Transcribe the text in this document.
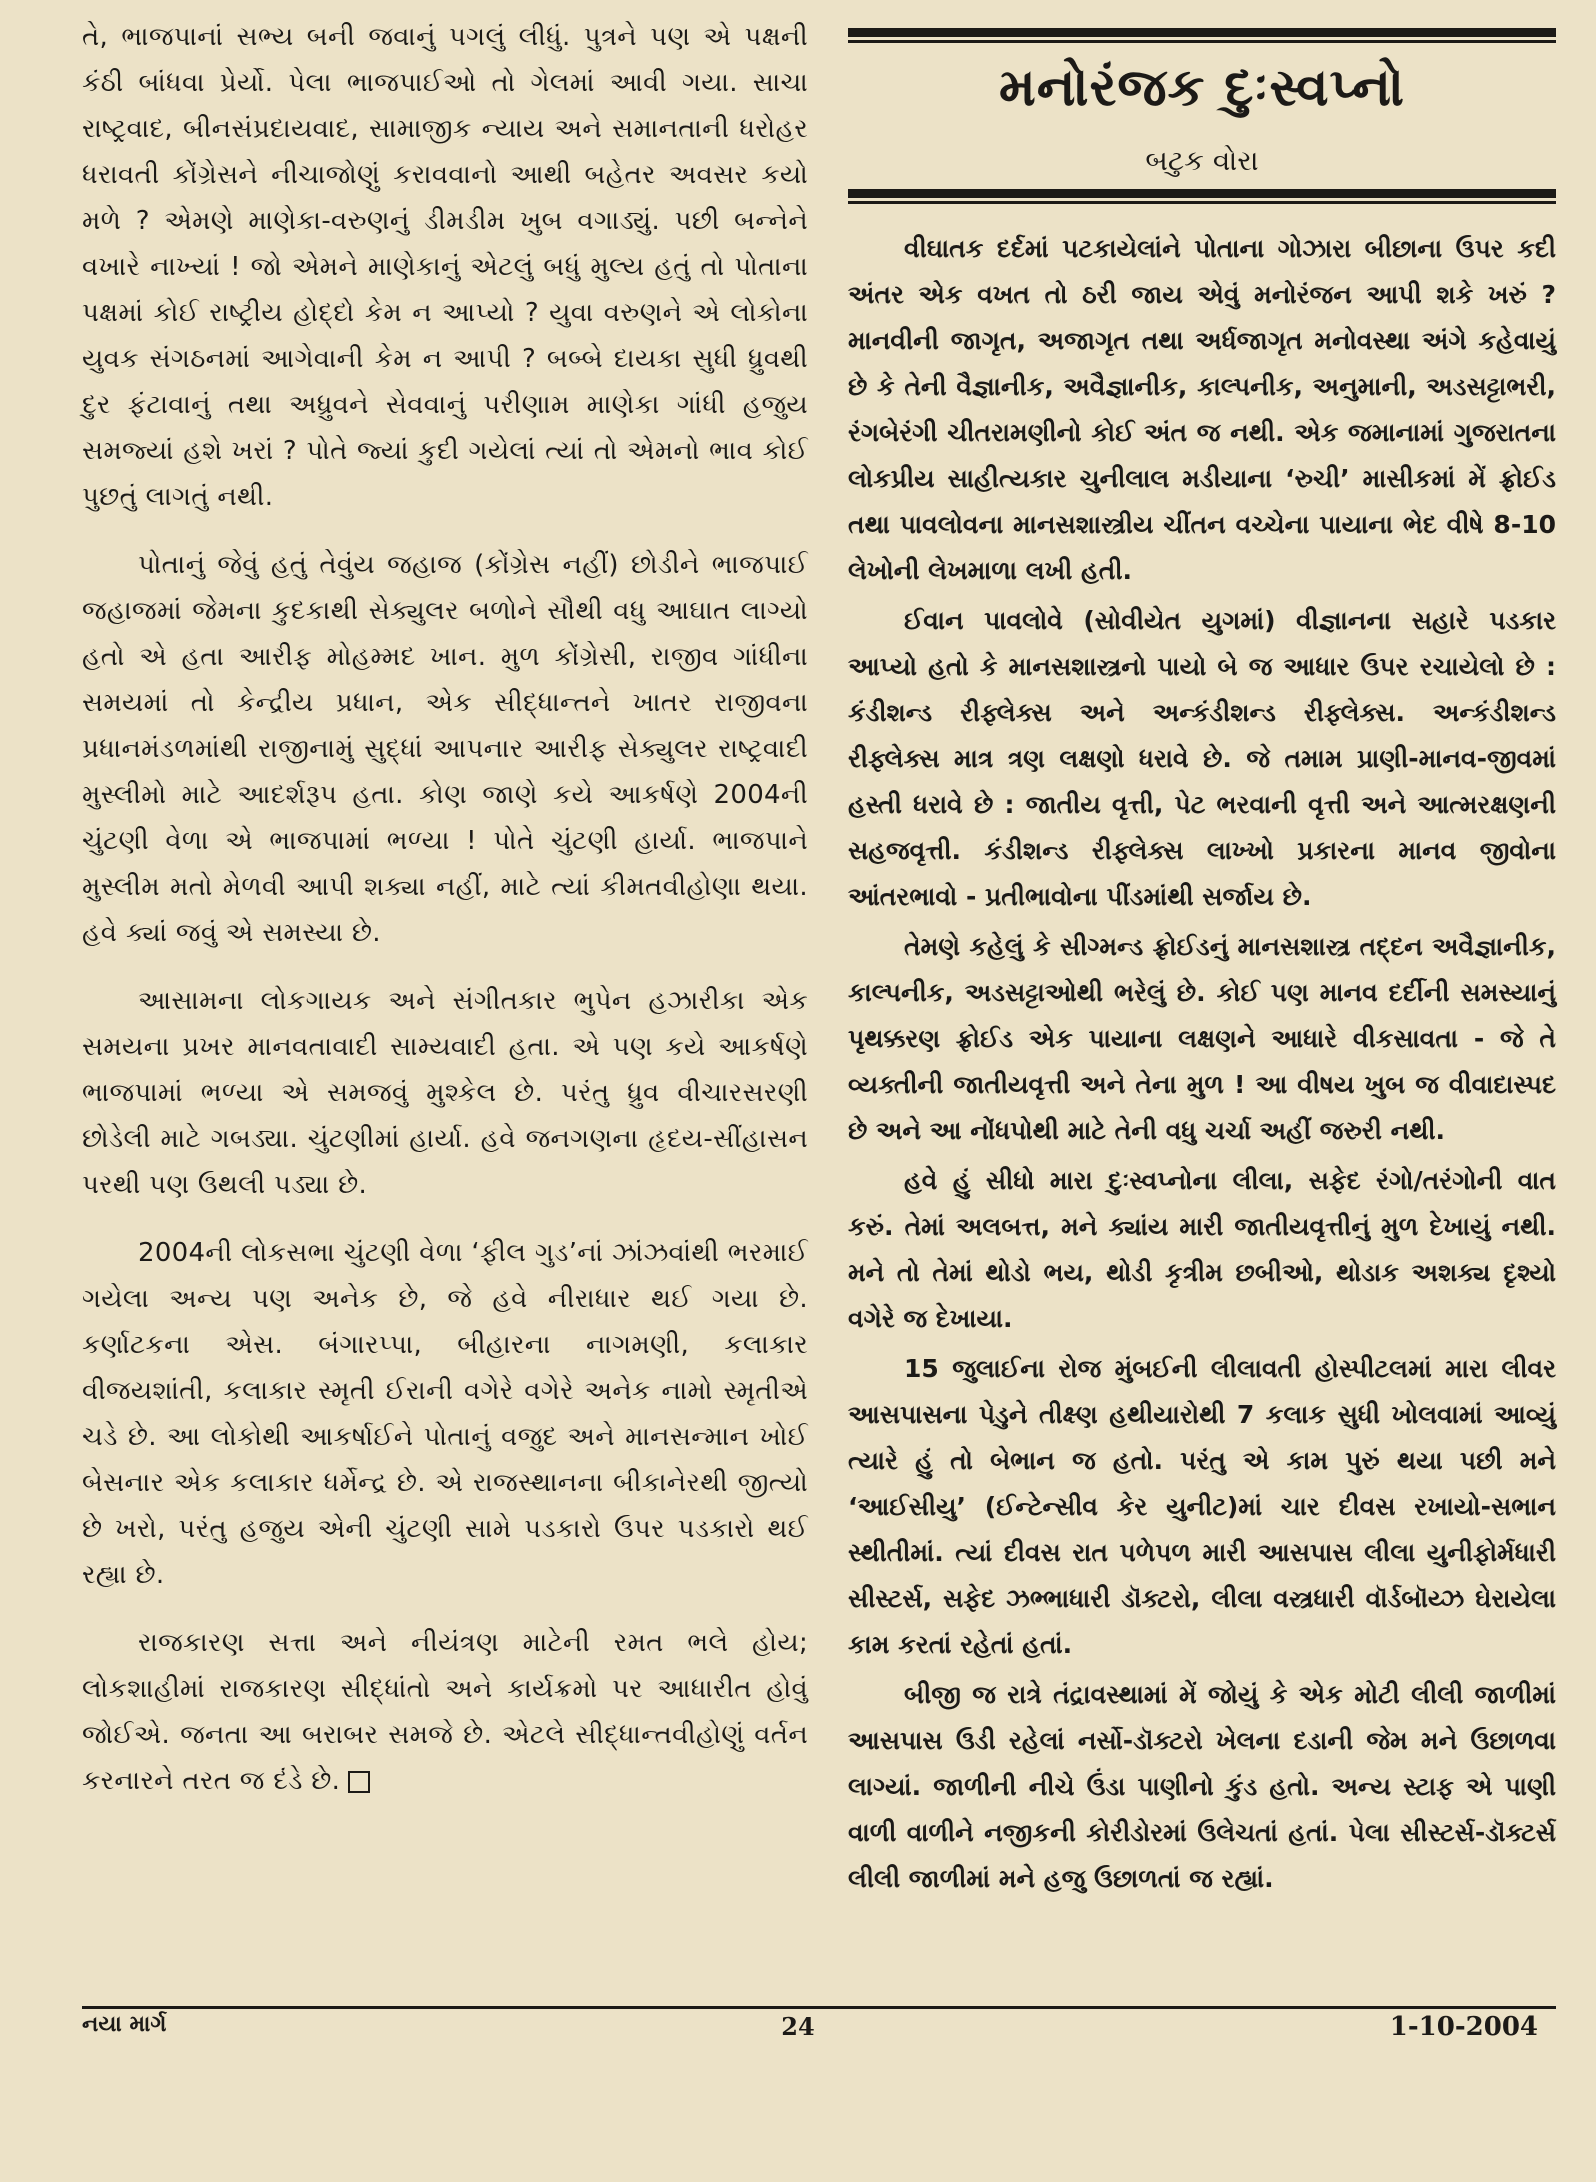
તે, ભાજપાનાં સભ્ય બની જવાનું પગલું લીધું. પુત્રને પણ એ પક્ષની કંઠી બાંધવા પ્રેર્યો. પેલા ભાજપાઈઓ તો ગેલમાં આવી ગયા. સાચા રાષ્ટ્રવાદ, બીનસંપ્રદાયવાદ, સામાજીક ન્યાય અને સમાનતાની ધરોહર ધરાવતી કોંગ્રેસને નીચાજોણું કરાવવાનો આથી બહેતર અવસર કયો મળે ? એમણે માણેકા-વરુણનું ડીમડીમ ખુબ વગાડ્યું. પછી બન્નેને વખારે નાખ્યાં ! જો એમને માણેકાનું એટલું બધું મુલ્ય હતું તો પોતાના પક્ષમાં કોઈ રાષ્ટ્રીય હોદ્દો કેમ ન આપ્યો ? યુવા વરુણને એ લોકોના યુવક સંગઠનમાં આગેવાની કેમ ન આપી ? બબ્બે દાયકા સુધી ધ્રુવથી દુર ફંટાવાનું તથા અધ્રુવને સેવવાનું પરીણામ માણેકા ગાંધી હજુય સમજ્યાં હશે ખરાં ? પોતે જ્યાં કુદી ગયેલાં ત્યાં તો એમનો ભાવ કોઈ પુછતું લાગતું નથી.

પોતાનું જેવું હતું તેવુંય જહાજ (કોંગ્રેસ નહીં) છોડીને ભાજપાઈ જહાજમાં જેમના કુદકાથી સેક્યુલર બળોને સૌથી વધુ આઘાત લાગ્યો હતો એ હતા આરીફ મોહમ્મદ ખાન. મુળ કોંગ્રેસી, રાજીવ ગાંધીના સમયમાં તો કેન્દ્રીય પ્રધાન, એક સીદ્ધાન્તને ખાતર રાજીવના પ્રધાનમંડળમાંથી રાજીનામું સુદ્ધાં આપનાર આરીફ સેક્યુલર રાષ્ટ્રવાદી મુસ્લીમો માટે આદર્શરૂપ હતા. કોણ જાણે કયે આકર્ષણે 2004ની ચુંટણી વેળા એ ભાજપામાં ભળ્યા ! પોતે ચુંટણી હાર્યા. ભાજપાને મુસ્લીમ મતો મેળવી આપી શક્યા નહીં, માટે ત્યાં કીમતવીહોણા થયા. હવે ક્યાં જવું એ સમસ્યા છે.

આસામના લોકગાયક અને સંગીતકાર ભુપેન હઝારીકા એક સમયના પ્રખર માનવતાવાદી સામ્યવાદી હતા. એ પણ કયે આકર્ષણે ભાજપામાં ભળ્યા એ સમજવું મુશ્કેલ છે. પરંતુ ધ્રુવ વીચારસરણી છોડેલી માટે ગબડ્યા. ચુંટણીમાં હાર્યા. હવે જનગણના હૃદય-સીંહાસન પરથી પણ ઉથલી પડ્યા છે.

2004ની લોકસભા ચુંટણી વેળા ‘ફીલ ગુડ’નાં ઝાંઝવાંથી ભરમાઈ ગયેલા અન્ય પણ અનેક છે, જે હવે નીરાધાર થઈ ગયા છે. કર્ણાટકના એસ. બંગારપ્પા, બીહારના નાગમણી, કલાકાર વીજયશાંતી, કલાકાર સ્મૃતી ઈરાની વગેરે વગેરે અનેક નામો સ્મૃતીએ ચડે છે. આ લોકોથી આકર્ષાઈને પોતાનું વજુદ અને માનસન્માન ખોઈ બેસનાર એક કલાકાર ધર્મેન્દ્ર છે. એ રાજસ્થાનના બીકાનેરથી જીત્યો છે ખરો, પરંતુ હજુય એની ચુંટણી સામે પડકારો ઉપર પડકારો થઈ રહ્યા છે.

રાજકારણ સત્તા અને નીયંત્રણ માટેની રમત ભલે હોય; લોકશાહીમાં રાજકારણ સીદ્ધાંતો અને કાર્યક્રમો પર આધારીત હોવું જોઈએ. જનતા આ બરાબર સમજે છે. એટલે સીદ્ધાન્તવીહોણું વર્તન કરનારને તરત જ દંડે છે.

મનોરંજક દુઃસ્વપ્નો

બટુક વોરા

વીઘાતક દર્દમાં પટકાયેલાંને પોતાના ગોઝારા બીછાના ઉપર કદી અંતર એક વખત તો ઠરી જાય એવું મનોરંજન આપી શકે ખરું ? માનવીની જાગૃત, અજાગૃત તથા અર્ધજાગૃત મનોવસ્થા અંગે કહેવાયું છે કે તેની વૈજ્ઞાનીક, અવૈજ્ઞાનીક, કાલ્પનીક, અનુમાની, અડસટ્ટાભરી, રંગબેરંગી ચીતરામણીનો કોઈ અંત જ નથી. એક જમાનામાં ગુજરાતના લોકપ્રીય સાહીત્યકાર ચુનીલાલ મડીયાના ‘રુચી’ માસીકમાં મેં ફ્રોઈડ તથા પાવલોવના માનસશાસ્ત્રીય ચીંતન વચ્ચેના પાયાના ભેદ વીષે 8-10 લેખોની લેખમાળા લખી હતી.

ઈવાન પાવલોવે (સોવીયેત યુગમાં) વીજ્ઞાનના સહારે પડકાર આપ્યો હતો કે માનસશાસ્ત્રનો પાયો બે જ આધાર ઉપર રચાયેલો છે : કંડીશન્ડ રીફ્લેક્સ અને અન્કંડીશન્ડ રીફ્લેક્સ. અન્કંડીશન્ડ રીફ્લેક્સ માત્ર ત્રણ લક્ષણો ધરાવે છે. જે તમામ પ્રાણી-માનવ-જીવમાં હસ્તી ધરાવે છે : જાતીય વૃત્તી, પેટ ભરવાની વૃત્તી અને આત્મરક્ષણની સહજવૃત્તી. કંડીશન્ડ રીફ્લેક્સ લાખ્ખો પ્રકારના માનવ જીવોના આંતરભાવો - પ્રતીભાવોના પીંડમાંથી સર્જાય છે.

તેમણે કહેલું કે સીગ્મન્ડ ફ્રોઈડનું માનસશાસ્ત્ર તદ્દન અવૈજ્ઞાનીક, કાલ્પનીક, અડસટ્ટાઓથી ભરેલું છે. કોઈ પણ માનવ દર્દીની સમસ્યાનું પૃથક્કરણ ફ્રોઈડ એક પાયાના લક્ષણને આધારે વીકસાવતા - જે તે વ્યક્તીની જાતીયવૃત્તી અને તેના મુળ ! આ વીષય ખુબ જ વીવાદાસ્પદ છે અને આ નોંધપોથી માટે તેની વધુ ચર્ચા અહીં જરુરી નથી.

હવે હું સીધો મારા દુઃસ્વપ્નોના લીલા, સફેદ રંગો/તરંગોની વાત કરું. તેમાં અલબત્ત, મને ક્યાંય મારી જાતીયવૃત્તીનું મુળ દેખાયું નથી. મને તો તેમાં થોડો ભય, થોડી કૃત્રીમ છબીઓ, થોડાક અશક્ય દૃશ્યો વગેરે જ દેખાયા.

15 જુલાઈના રોજ મુંબઈની લીલાવતી હોસ્પીટલમાં મારા લીવર આસપાસના પેડુને તીક્ષ્ણ હથીયારોથી 7 કલાક સુધી ખોલવામાં આવ્યું ત્યારે હું તો બેભાન જ હતો. પરંતુ એ કામ પુરું થયા પછી મને ‘આઈસીયુ’ (ઈન્ટેન્સીવ કેર યુનીટ)માં ચાર દીવસ રખાયો-સભાન સ્થીતીમાં. ત્યાં દીવસ રાત પળેપળ મારી આસપાસ લીલા યુનીફોર્મધારી સીસ્ટર્સ, સફેદ ઝભ્ભાધારી ડૉક્ટરો, લીલા વસ્ત્રધારી વૉર્ડબૉય્ઝ ઘેરાયેલા કામ કરતાં રહેતાં હતાં.

બીજી જ રાત્રે તંદ્રાવસ્થામાં મેં જોયું કે એક મોટી લીલી જાળીમાં આસપાસ ઉડી રહેલાં નર્સો-ડૉક્ટરો ખેલના દડાની જેમ મને ઉછાળવા લાગ્યાં. જાળીની નીચે ઉંડા પાણીનો કુંડ હતો. અન્ય સ્ટાફ એ પાણી વાળી વાળીને નજીકની કોરીડોરમાં ઉલેચતાં હતાં. પેલા સીસ્ટર્સ-ડૉક્ટર્સ લીલી જાળીમાં મને હજુ ઉછાળતાં જ રહ્યાં.

નયા માર્ગ	24	1-10-2004
